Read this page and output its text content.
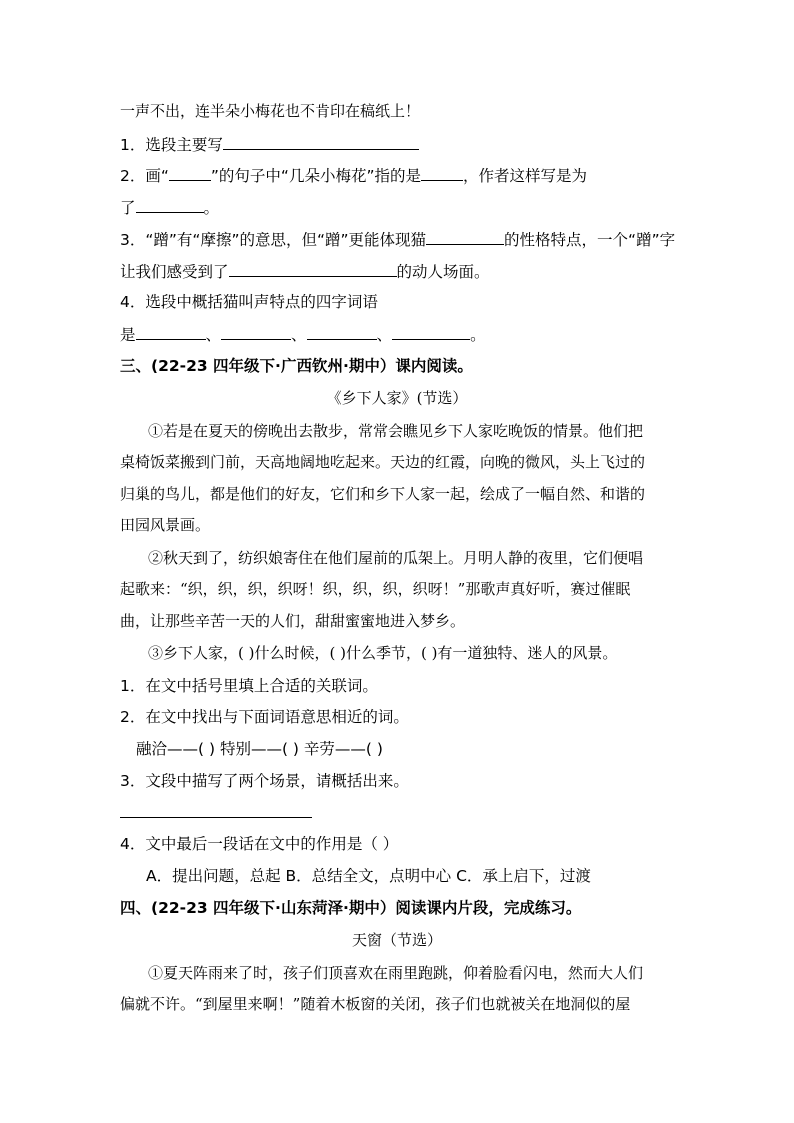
一声不出，连半朵小梅花也不肯印在稿纸上！
1．选段主要写
2．画“	”的句子中“几朵小梅花”指的是	，作者这样写是为
了	。
3．“蹭”有“摩擦”的意思，但“蹭”更能体现猫	的性格特点，一个“蹭”字
让我们感受到了	的动人场面。
4．选段中概括猫叫声特点的四字词语
是	、	、	、	。
三、(22-23 四年级下·广西钦州·期中）课内阅读。
《乡下人家》(节选）
①若是在夏天的傍晚出去散步，常常会瞧见乡下人家吃晚饭的情景。他们把
桌椅饭菜搬到门前，天高地阔地吃起来。天边的红霞，向晚的微风，头上飞过的
归巢的鸟儿，都是他们的好友，它们和乡下人家一起，绘成了一幅自然、和谐的
田园风景画。
②秋天到了，纺织娘寄住在他们屋前的瓜架上。月明人静的夜里，它们便唱
起歌来：“织，织，织，织呀！织，织，织，织呀！”那歌声真好听，赛过催眠
曲，让那些辛苦一天的人们，甜甜蜜蜜地进入梦乡。
③乡下人家，( )什么时候，( )什么季节，( )有一道独特、迷人的风景。
1．在文中括号里填上合适的关联词。
2．在文中找出与下面词语意思相近的词。
融洽——( ) 特别——( ) 辛劳——( )
3．文段中描写了两个场景，请概括出来。
4．文中最后一段话在文中的作用是（ ）
A．提出问题，总起 B．总结全文，点明中心 C．承上启下，过渡
四、(22-23 四年级下·山东菏泽·期中）阅读课内片段，完成练习。
天窗（节选）
①夏天阵雨来了时，孩子们顶喜欢在雨里跑跳，仰着脸看闪电，然而大人们
偏就不许。“到屋里来啊！”随着木板窗的关闭，孩子们也就被关在地洞似的屋
